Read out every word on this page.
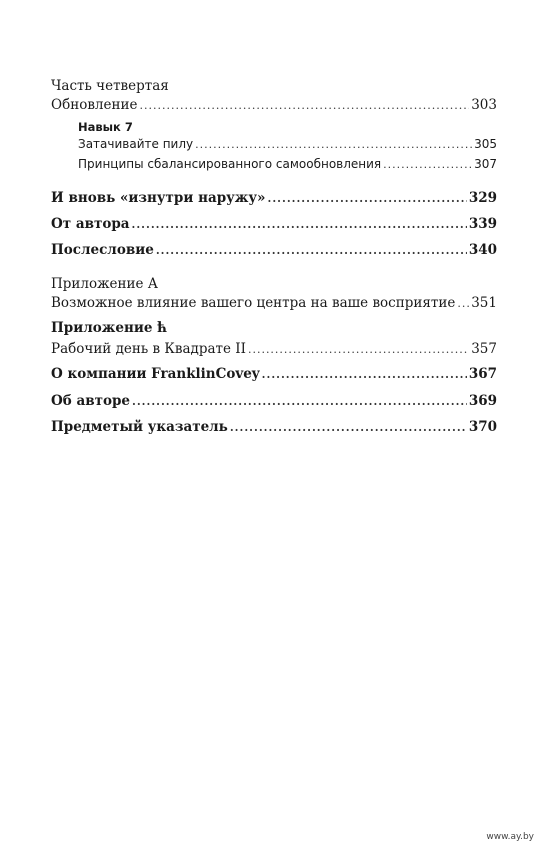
Часть четвертая
Обновление .....	303
Навык 7
Затачивайте пилу .....	305
Принципы сбалансированного самообновления .....	307
И вновь «изнутри наружу» .....	329
От автора .....	339
Послесловие .....	340
Приложение А
Возможное влияние вашего центра на ваше восприятие ..... 351
Приложение ћ
Рабочий день в Квадрате II .....	357
О компании FranklinCovey .....	367
Об авторе .....	369
Предметый указатель .....	370
www.ay.by
